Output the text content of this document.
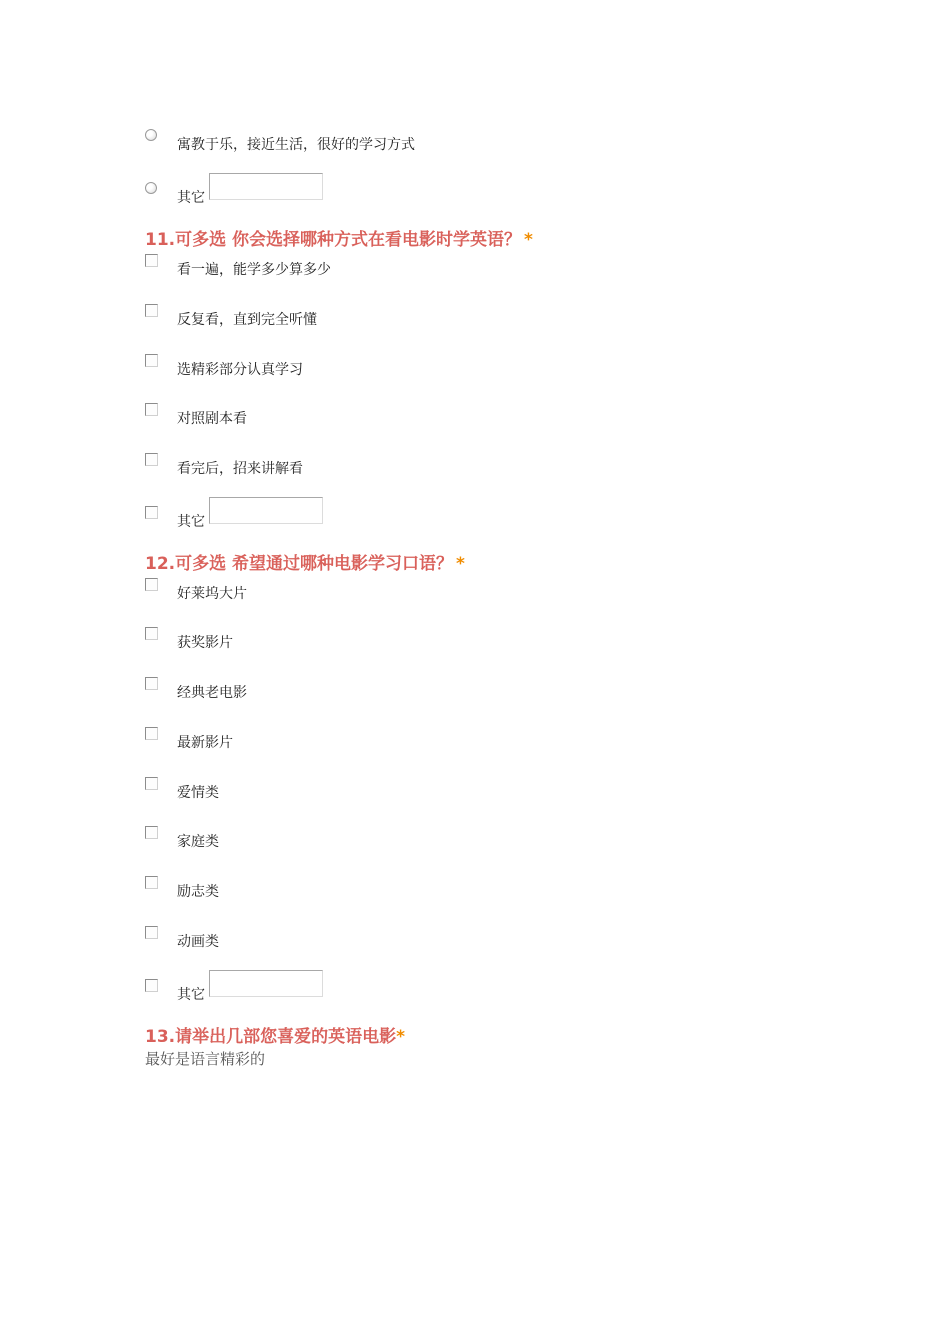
寓教于乐，接近生活，很好的学习方式
其它
11.可多选 你会选择哪种方式在看电影时学英语？ *
看一遍，能学多少算多少
反复看，直到完全听懂
选精彩部分认真学习
对照剧本看
看完后，招来讲解看
其它
12.可多选 希望通过哪种电影学习口语？ *
好莱坞大片
获奖影片
经典老电影
最新影片
爱情类
家庭类
励志类
动画类
其它
13.请举出几部您喜爱的英语电影*
最好是语言精彩的
